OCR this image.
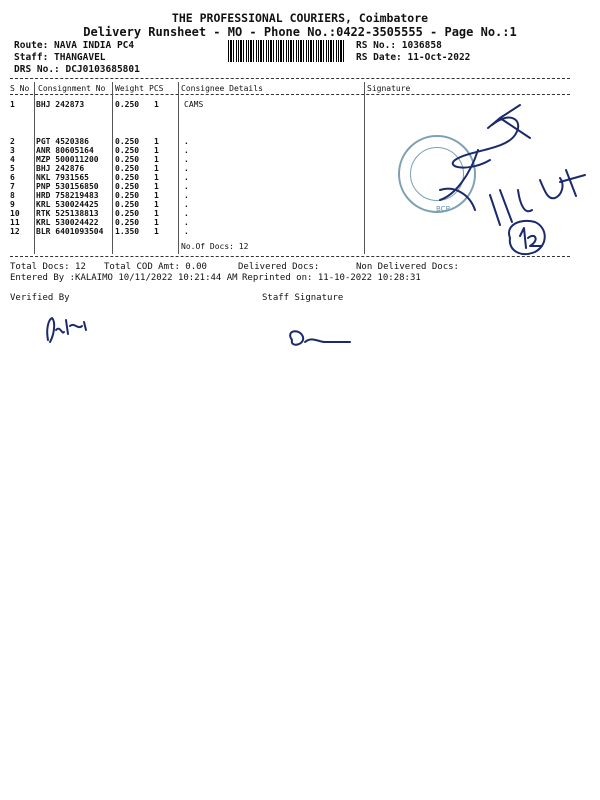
THE PROFESSIONAL COURIERS, Coimbatore
Delivery Runsheet - MO - Phone No.:0422-3505555 - Page No.:1
Route: NAVA INDIA PC4
Staff: THANGAVEL
DRS No.: DCJ0103685801
RS No.: 1036858
RS Date: 11-Oct-2022
S No Consignment No Weight PCS Consignee Details	Signature
1	BHJ 242873	0.250 1	CAMS
2	PGT 4520386	0.250 1	.
3	ANR 80605164	0.250 1	.
4	MZP 500011200 0.250 1	.
5	BHJ 242876	0.250 1	.
6	NKL 7931565	0.250 1	.
7	PNP 530156850 0.250 1	.
8	HRD 758219483 0.250 1	.
9	KRL 530024425 0.250 1	.
10 RTK 525138813 0.250 1	.
11 KRL 530024422 0.250 1	.
12 BLR 6401093504 1.350 1	.
No.Of Docs: 12
Total Docs: 12 Total COD Amt: 0.00	Delivered Docs:	Non Delivered Docs:
Entered By :KALAIMO 10/11/2022 10:21:44 AM Reprinted on: 11-10-2022 10:28:31
Verified By	Staff Signature
BCP
